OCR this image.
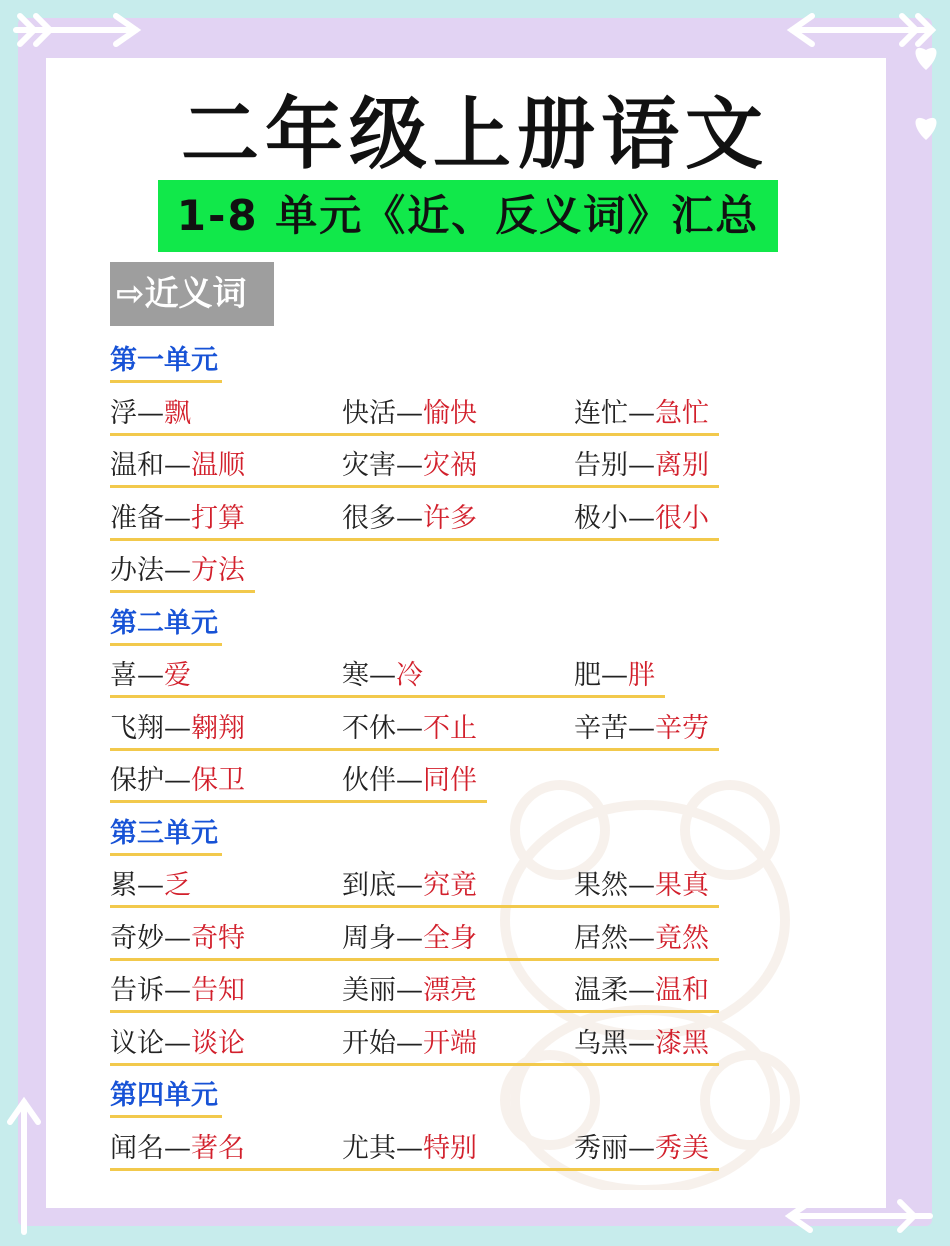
二年级上册语文
1-8 单元《近、反义词》汇总
⇨近义词
第一单元
浮—飘	快活—愉快	连忙—急忙
温和—温顺	灾害—灾祸	告别—离别
准备—打算	很多—许多	极小—很小
办法—方法
第二单元
喜—爱	寒—冷	肥—胖
飞翔—翱翔	不休—不止	辛苦—辛劳
保护—保卫	伙伴—同伴
第三单元
累—乏	到底—究竟	果然—果真
奇妙—奇特	周身—全身	居然—竟然
告诉—告知	美丽—漂亮	温柔—温和
议论—谈论	开始—开端	乌黑—漆黑
第四单元
闻名—著名	尤其—特别	秀丽—秀美
